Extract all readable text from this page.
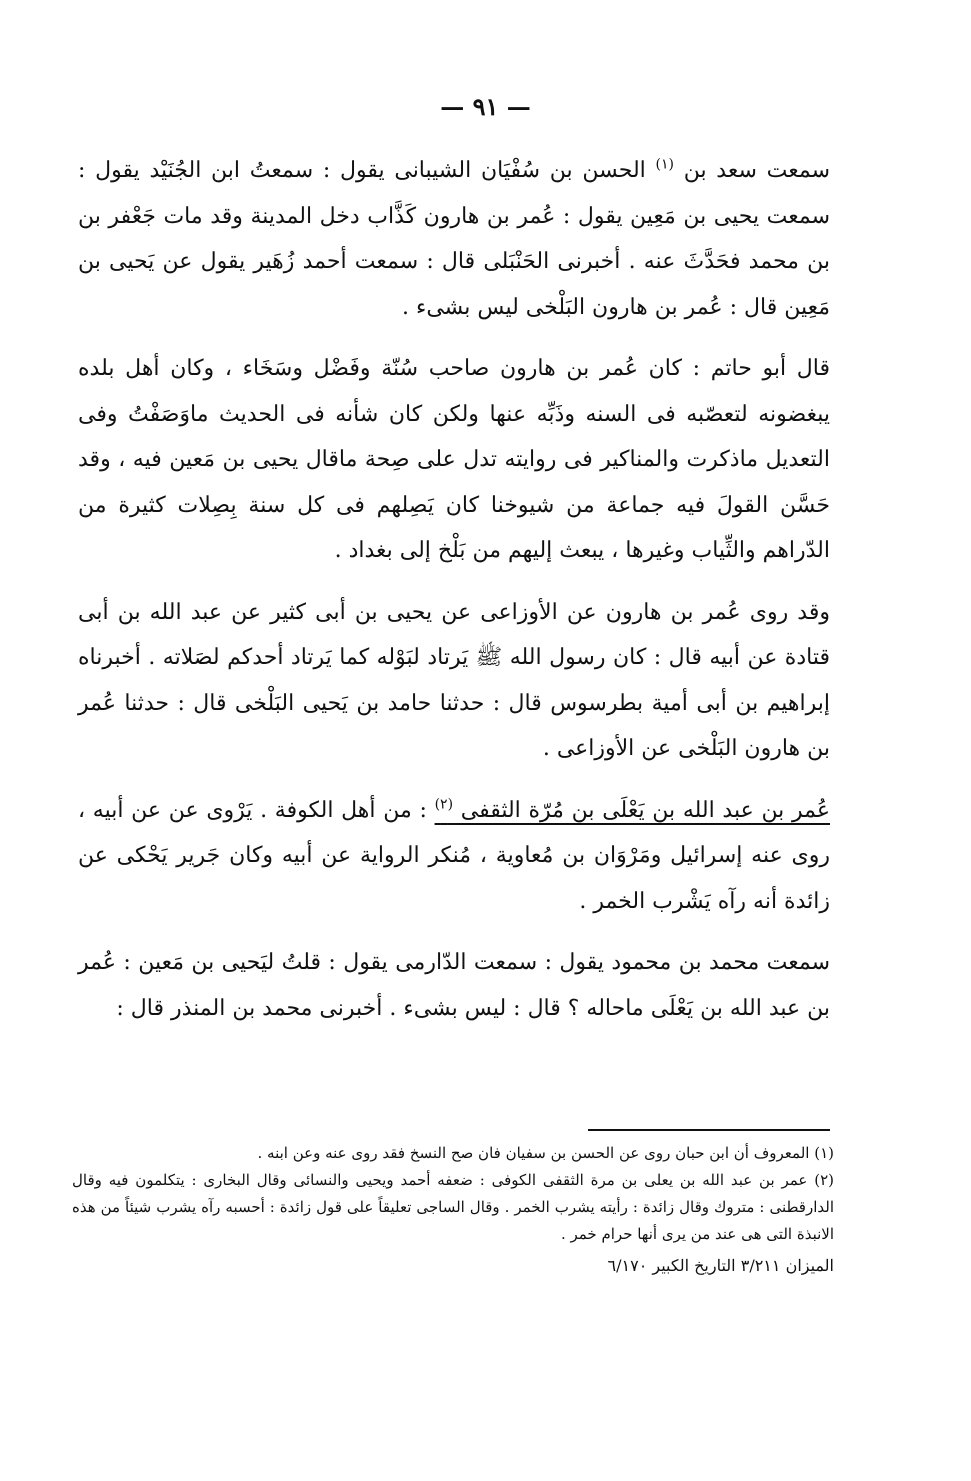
— ٩١ —

سمعت سعد بن $^{(١)}$ الحسن بن سُفْيَان الشيبانى يقول : سمعتُ ابن الجُنَيْد يقول : سمعت يحيى بن مَعِين يقول : عُمر بن هارون كَذَّاب دخل المدينة وقد مات جَعْفر بن بن محمد فحَدَّثَ عنه . أخبرنى الحَنْبَلى قال : سمعت أحمد زُهَير يقول عن يَحيى بن مَعِين قال : عُمر بن هارون البَلْخى ليس بشىء .

قال أبو حاتم : كان عُمر بن هارون صاحب سُنّة وفَضْل وسَخَاء ، وكان أهل بلده يبغضونه لتعصّبه فى السنه وذَبِّه عنها ولكن كان شأنه فى الحديث ماوَصَفْتُ وفى التعديل ماذكرت والمناكير فى روايته تدل على صِحة ماقال يحيى بن مَعين فيه ، وقد حَسَّن القولَ فيه جماعة من شيوخنا كان يَصِلهم فى كل سنة بِصِلات كثيرة من الدّراهم والثِّياب وغيرها ، يبعث إليهم من بَلْخ إلى بغداد .

وقد روى عُمر بن هارون عن الأوزاعى عن يحيى بن أبى كثير عن عبد الله بن أبى قتادة عن أبيه قال : كان رسول الله ﷺ يَرتاد لبَوْله كما يَرتاد أحدكم لصَلاته . أخبرناه إبراهيم بن أبى أمية بطرسوس قال : حدثنا حامد بن يَحيى البَلْخى قال : حدثنا عُمر بن هارون البَلْخى عن الأوزاعى .

عُمر بن عبد الله بن يَعْلَى بن مُرّة الثقفى $^{(٢)}$ : من أهل الكوفة . يَرْوى عن عن أبيه ، روى عنه إسرائيل ومَرْوَان بن مُعاوية ، مُنكر الرواية عن أبيه وكان جَرير يَحْكى عن زائدة أنه رآه يَشْرب الخمر .

سمعت محمد بن محمود يقول : سمعت الدّارمى يقول : قلتُ ليَحيى بن مَعين : عُمر بن عبد الله بن يَعْلَى ماحاله ؟ قال : ليس بشىء . أخبرنى محمد بن المنذر قال :

(١) المعروف أن ابن حبان روى عن الحسن بن سفيان فان صح النسخ فقد روى عنه وعن ابنه .

(٢) عمر بن عبد الله بن يعلى بن مرة الثقفى الكوفى : ضعفه أحمد ويحيى والنسائى وقال البخارى : يتكلمون فيه وقال الدارقطنى : متروك وقال زائدة : رأيته يشرب الخمر . وقال الساجى تعليقاً على قول زائدة : أحسبه رآه يشرب شيئاً من هذه الانبذة التى هى عند من يرى أنها حرام خمر .

الميزان ٣/٢١١ التاريخ الكبير ٦/١٧٠
